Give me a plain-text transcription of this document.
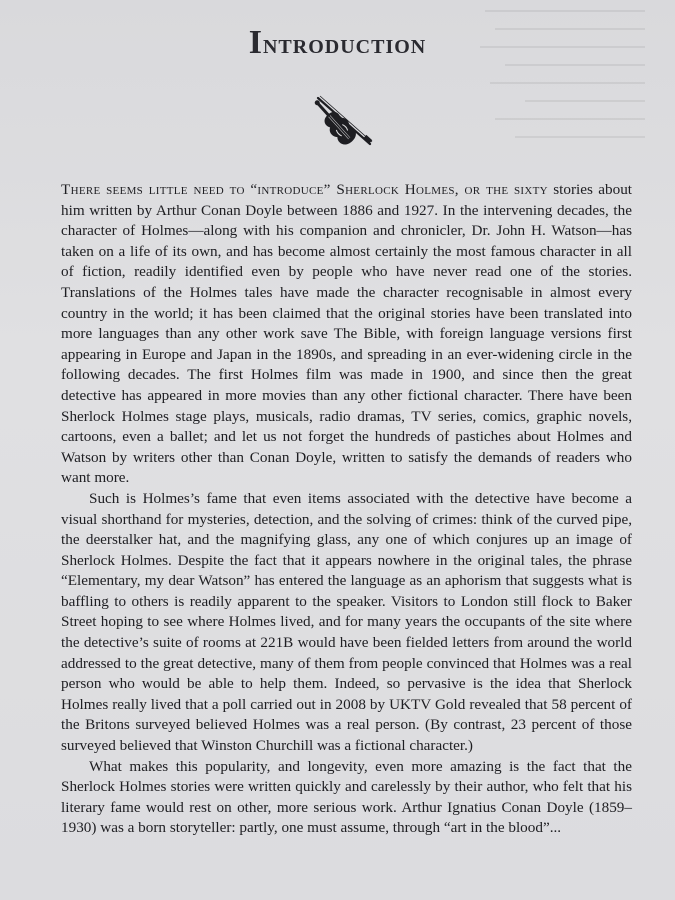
Introduction

There seems little need to “introduce” Sherlock Holmes, or the sixty stories about him written by Arthur Conan Doyle between 1886 and 1927. In the intervening decades, the character of Holmes—along with his companion and chronicler, Dr. John H. Watson—has taken on a life of its own, and has become almost certainly the most famous character in all of fiction, readily identified even by people who have never read one of the stories. Translations of the Holmes tales have made the character recognisable in almost every country in the world; it has been claimed that the original stories have been translated into more languages than any other work save The Bible, with foreign language versions first appearing in Europe and Japan in the 1890s, and spreading in an ever-widening circle in the following decades. The first Holmes film was made in 1900, and since then the great detective has appeared in more movies than any other fictional character. There have been Sherlock Holmes stage plays, musicals, radio dramas, TV series, comics, graphic novels, cartoons, even a ballet; and let us not forget the hundreds of pastiches about Holmes and Watson by writers other than Conan Doyle, written to satisfy the demands of readers who want more.

Such is Holmes’s fame that even items associated with the detective have become a visual shorthand for mysteries, detection, and the solving of crimes: think of the curved pipe, the deerstalker hat, and the magnifying glass, any one of which conjures up an image of Sherlock Holmes. Despite the fact that it appears nowhere in the original tales, the phrase “Elementary, my dear Watson” has entered the language as an aphorism that suggests what is baffling to others is readily apparent to the speaker. Visitors to London still flock to Baker Street hoping to see where Holmes lived, and for many years the occupants of the site where the detective’s suite of rooms at 221B would have been fielded letters from around the world addressed to the great detective, many of them from people convinced that Holmes was a real person who would be able to help them. Indeed, so pervasive is the idea that Sherlock Holmes really lived that a poll carried out in 2008 by UKTV Gold revealed that 58 percent of the Britons surveyed believed Holmes was a real person. (By contrast, 23 percent of those surveyed believed that Winston Churchill was a fictional character.)

What makes this popularity, and longevity, even more amazing is the fact that the Sherlock Holmes stories were written quickly and carelessly by their author, who felt that his literary fame would rest on other, more serious work. Arthur Ignatius Conan Doyle (1859–1930) was a born storyteller: partly, one must assume, through “art in the blood”...
